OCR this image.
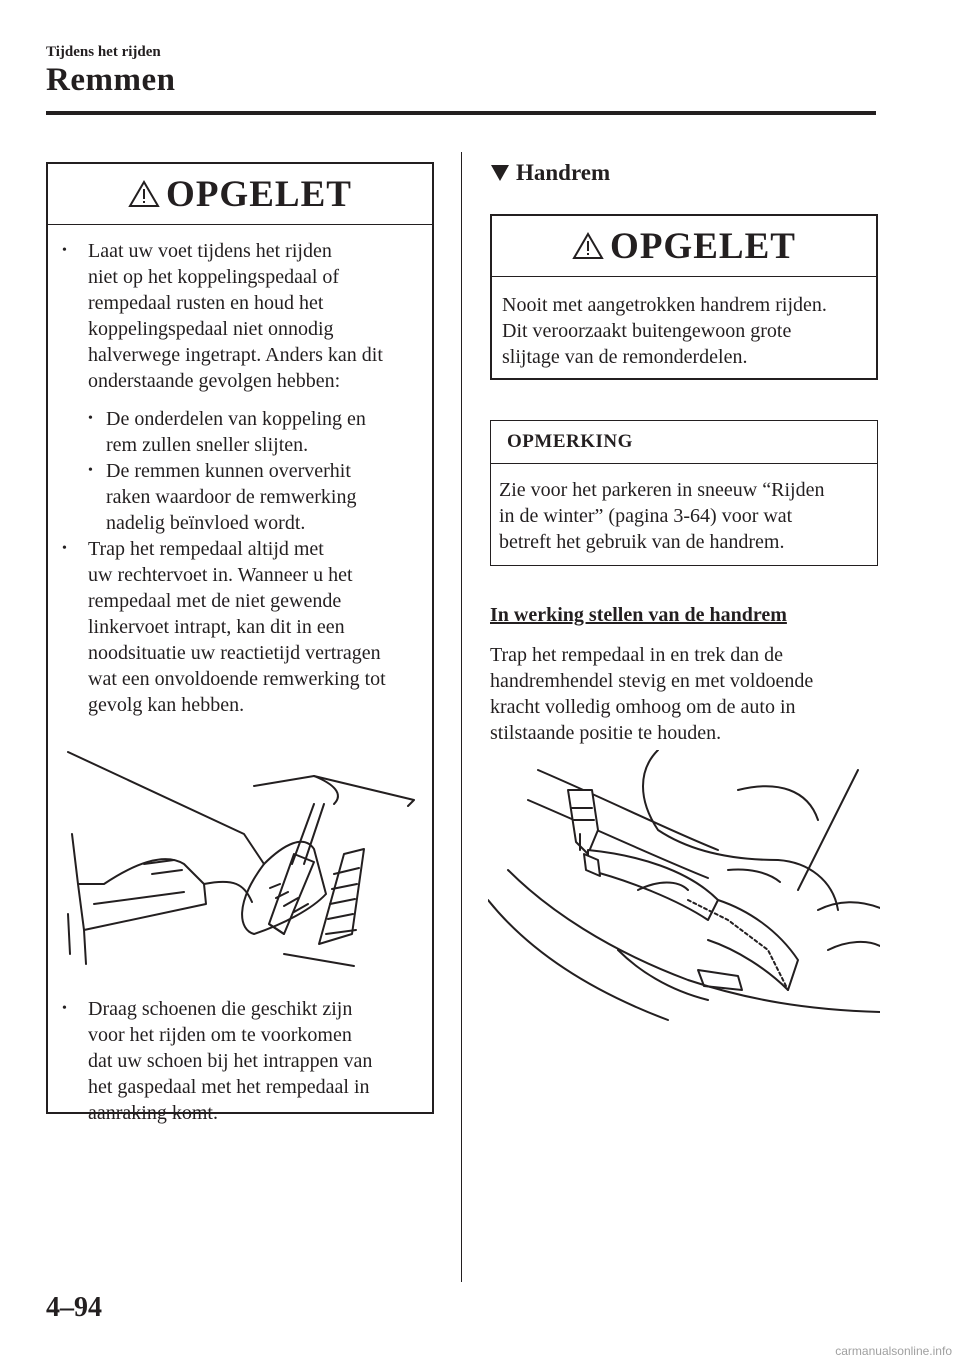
Tijdens het rijden
Remmen
OPGELET
• Laat uw voet tijdens het rijden
niet op het koppelingspedaal of
rempedaal rusten en houd het
koppelingspedaal niet onnodig
halverwege ingetrapt. Anders kan dit
onderstaande gevolgen hebben:
• De onderdelen van koppeling en
rem zullen sneller slijten.
• De remmen kunnen oververhit
raken waardoor de remwerking
nadelig beïnvloed wordt.
• Trap het rempedaal altijd met
uw rechtervoet in. Wanneer u het
rempedaal met de niet gewende
linkervoet intrapt, kan dit in een
noodsituatie uw reactietijd vertragen
wat een onvoldoende remwerking tot
gevolg kan hebben.
• Draag schoenen die geschikt zijn
voor het rijden om te voorkomen
dat uw schoen bij het intrappen van
het gaspedaal met het rempedaal in
aanraking komt.
Handrem
OPGELET
Nooit met aangetrokken handrem rijden.
Dit veroorzaakt buitengewoon grote
slijtage van de remonderdelen.
OPMERKING
Zie voor het parkeren in sneeuw “Rijden
in de winter” (pagina 3-64) voor wat
betreft het gebruik van de handrem.
In werking stellen van de handrem
Trap het rempedaal in en trek dan de
handremhendel stevig en met voldoende
kracht volledig omhoog om de auto in
stilstaande positie te houden.
4–94
carmanualsonline.info
